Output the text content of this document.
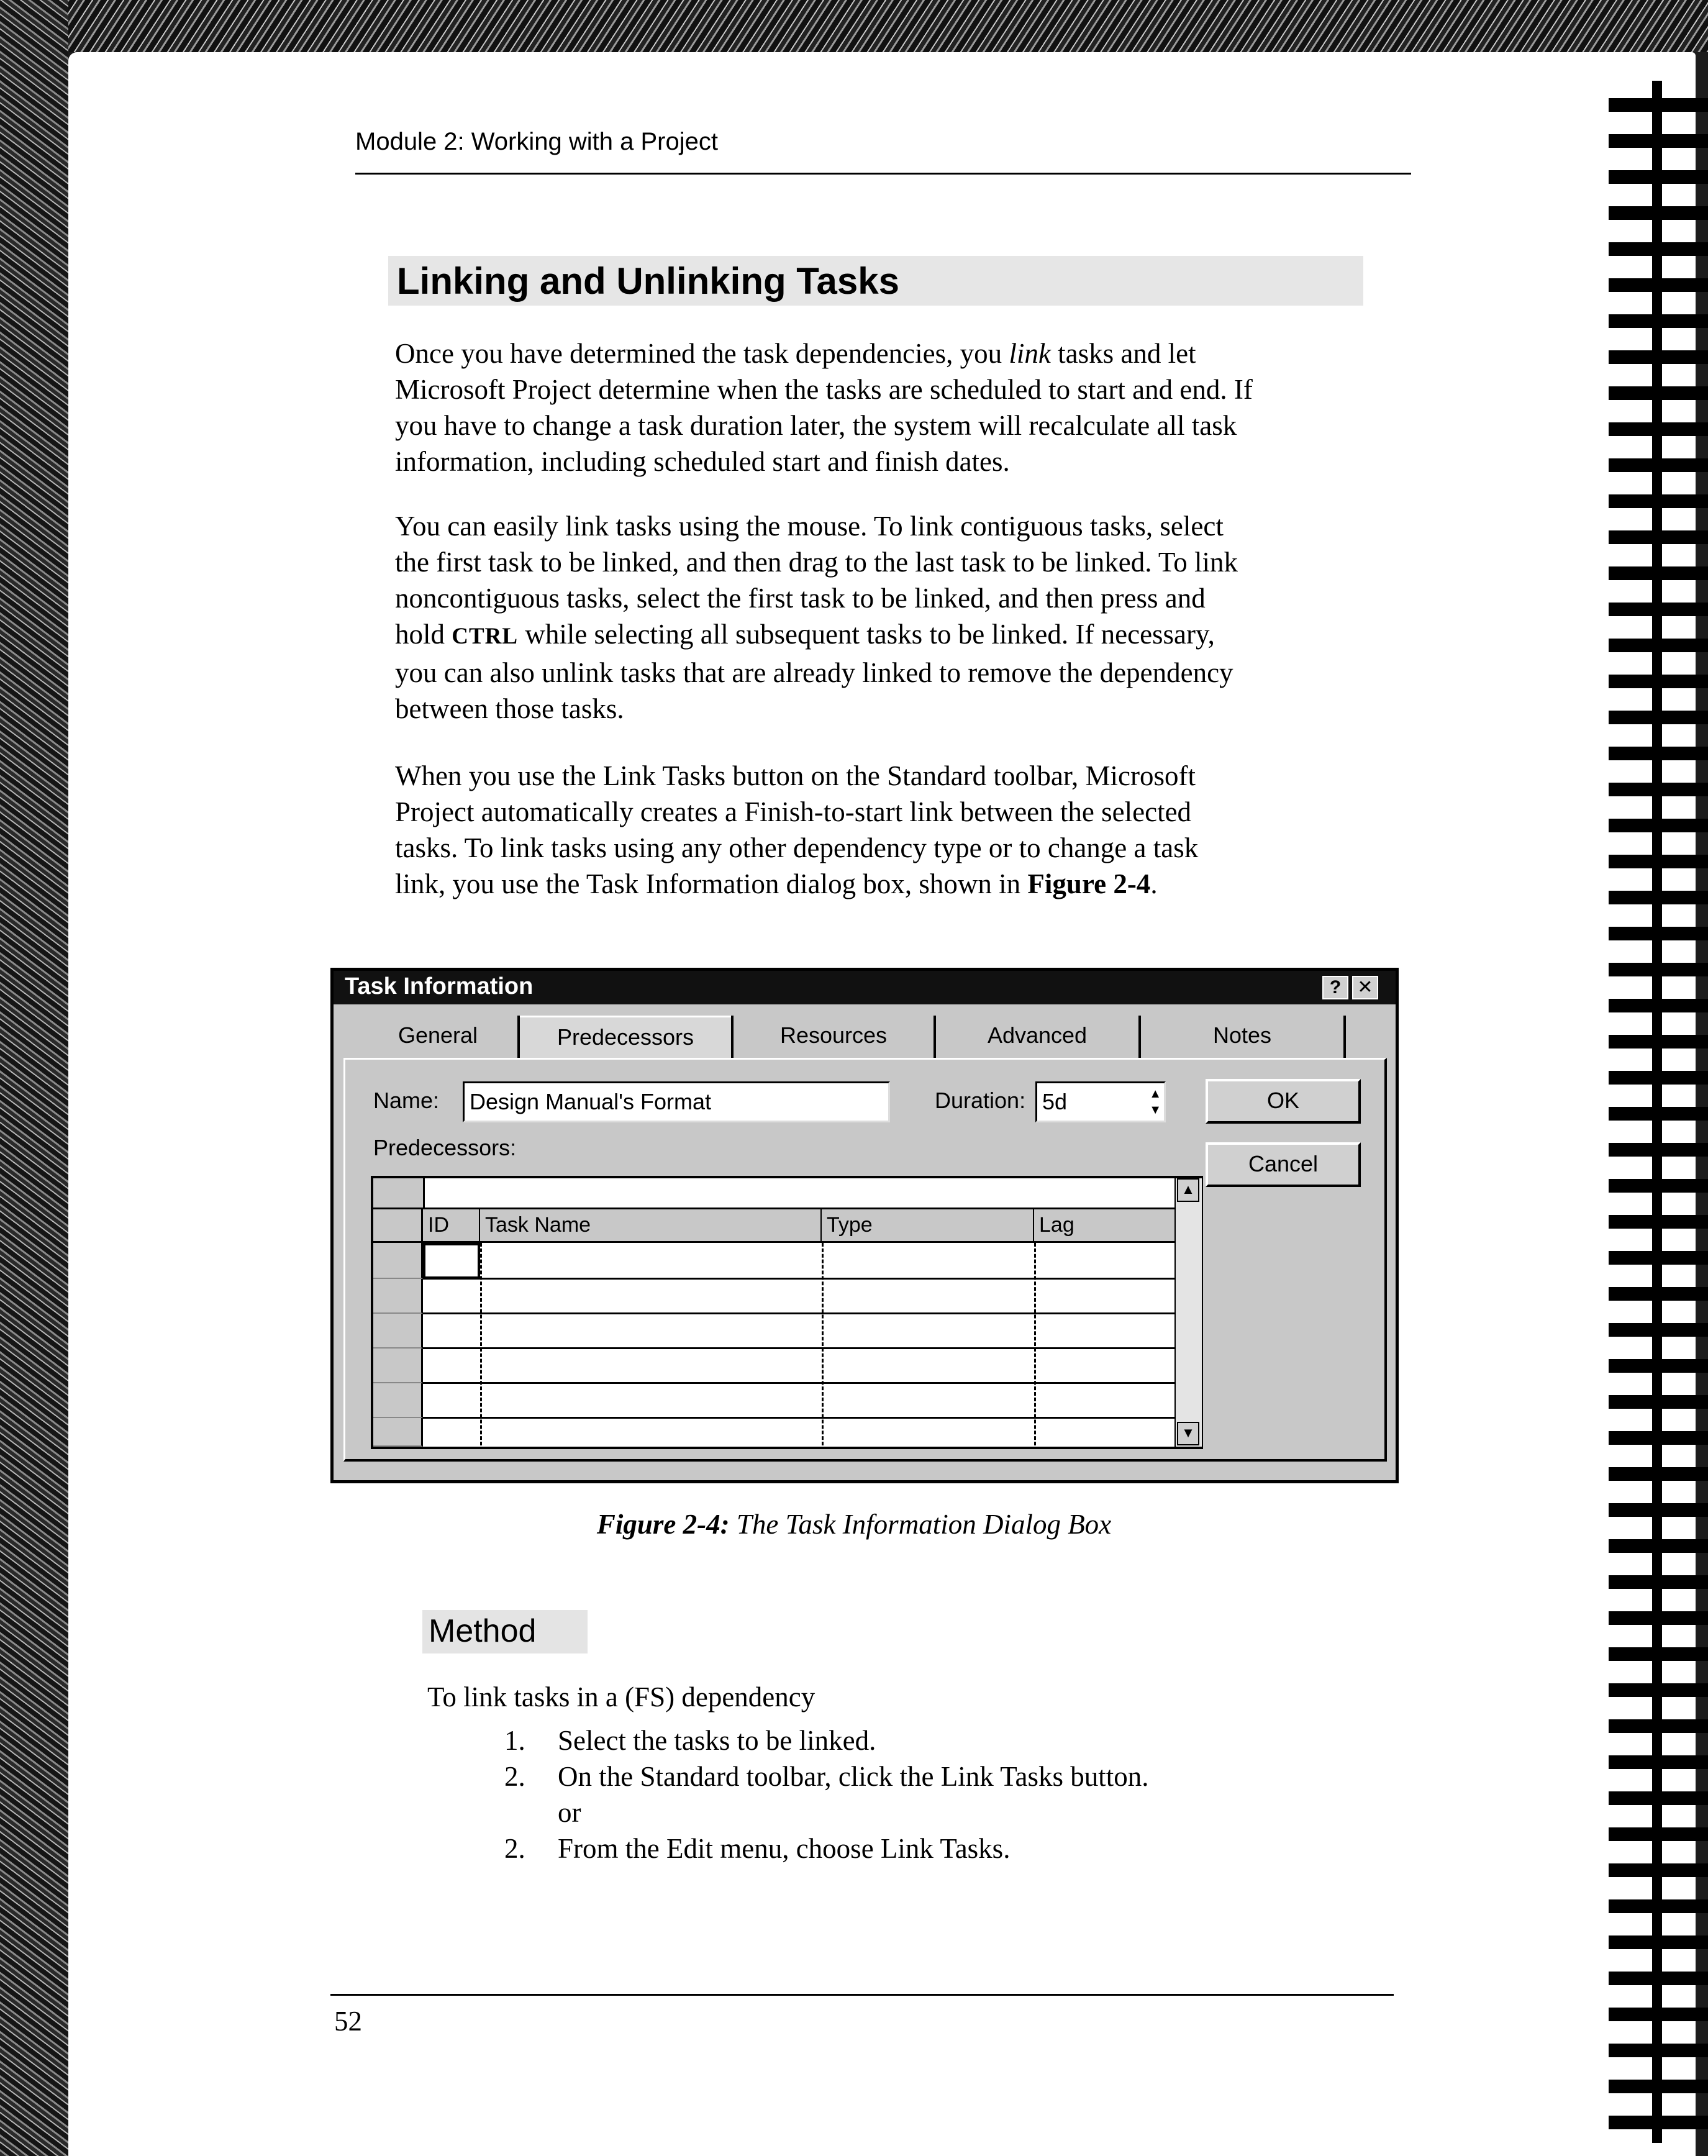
Module 2: Working with a Project
Linking and Unlinking Tasks
Once you have determined the task dependencies, you link tasks and let
Microsoft Project determine when the tasks are scheduled to start and end. If
you have to change a task duration later, the system will recalculate all task
information, including scheduled start and finish dates.
You can easily link tasks using the mouse. To link contiguous tasks, select
the first task to be linked, and then drag to the last task to be linked. To link
noncontiguous tasks, select the first task to be linked, and then press and
hold CTRL while selecting all subsequent tasks to be linked. If necessary,
you can also unlink tasks that are already linked to remove the dependency
between those tasks.
When you use the Link Tasks button on the Standard toolbar, Microsoft
Project automatically creates a Finish-to-start link between the selected
tasks. To link tasks using any other dependency type or to change a task
link, you use the Task Information dialog box, shown in Figure 2-4.
Task Information	? ✕
General	Predecessors	Resources	Advanced	Notes
Name:	Design Manual's Format	Duration: 5d	▲
▼	OK
Cancel
Predecessors:
ID	Task Name	Type	Lag
▲
▼
Figure 2-4: The Task Information Dialog Box
Method
To link tasks in a (FS) dependency
1. Select the tasks to be linked.
2. On the Standard toolbar, click the Link Tasks button.
or
2. From the Edit menu, choose Link Tasks.
52
